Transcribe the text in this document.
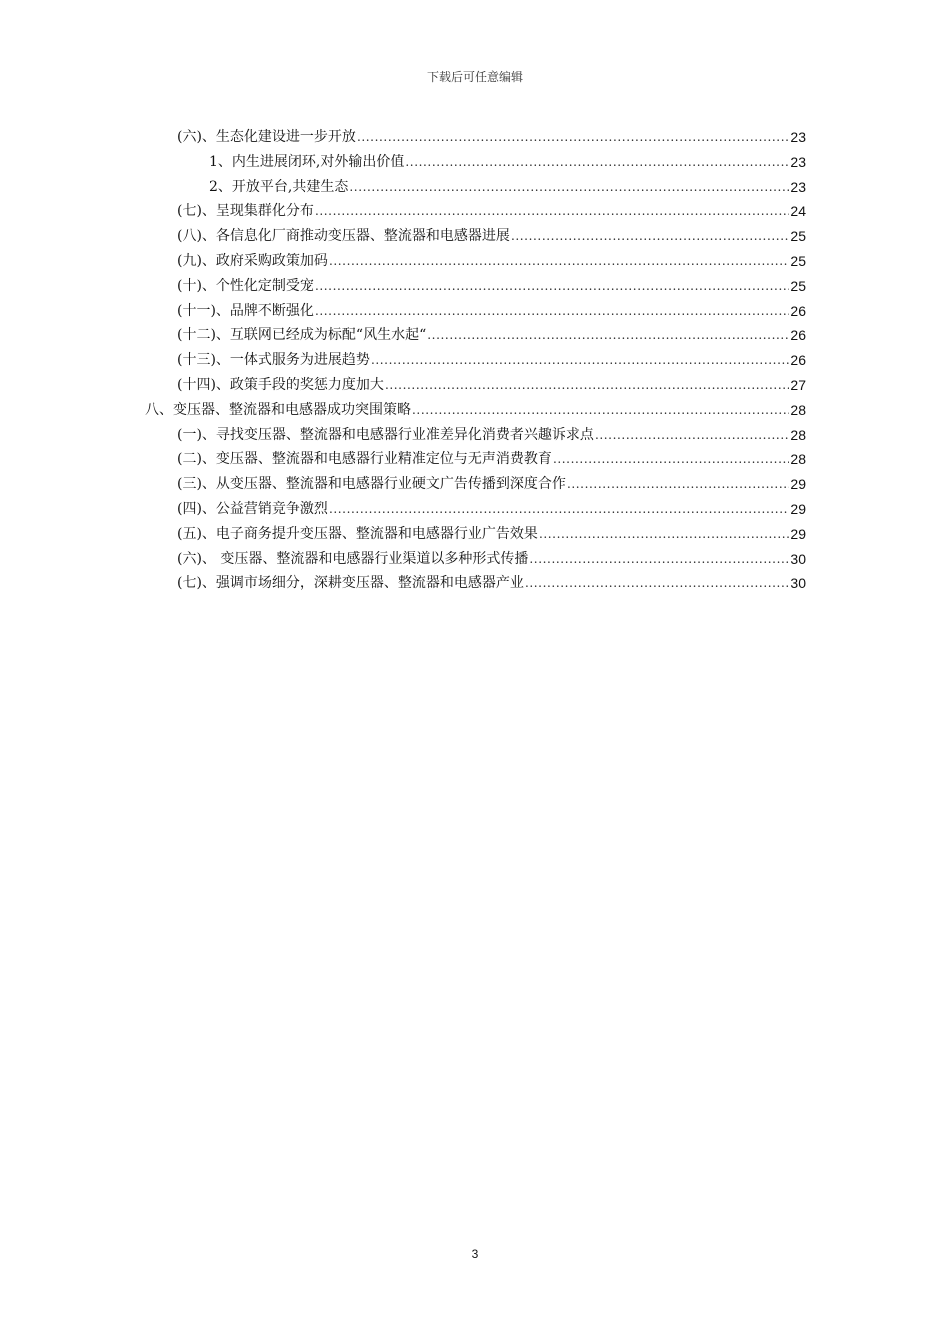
下载后可任意编辑
(六)、生态化建设进一步开放 .....	23
1、内生进展闭环,对外输出价值 .....	23
2、开放平台,共建生态 .....	23
(七)、呈现集群化分布 .....	24
(八)、各信息化厂商推动变压器、整流器和电感器进展 .....	25
(九)、政府采购政策加码 .....	25
(十)、个性化定制受宠 .....	25
(十一)、品牌不断强化 .....	26
(十二)、互联网已经成为标配“风生水起“ .....	26
(十三)、一体式服务为进展趋势 .....	26
(十四)、政策手段的奖惩力度加大 .....	27
八、变压器、整流器和电感器成功突围策略 .....	28
(一)、寻找变压器、整流器和电感器行业准差异化消费者兴趣诉求点 .....	28
(二)、变压器、整流器和电感器行业精准定位与无声消费教育 .....	28
(三)、从变压器、整流器和电感器行业硬文广告传播到深度合作 .....	29
(四)、公益营销竞争激烈 .....	29
(五)、电子商务提升变压器、整流器和电感器行业广告效果 .....	29
(六)、 变压器、整流器和电感器行业渠道以多种形式传播 .....	30
(七)、强调市场细分，深耕变压器、整流器和电感器产业 .....	30
3
